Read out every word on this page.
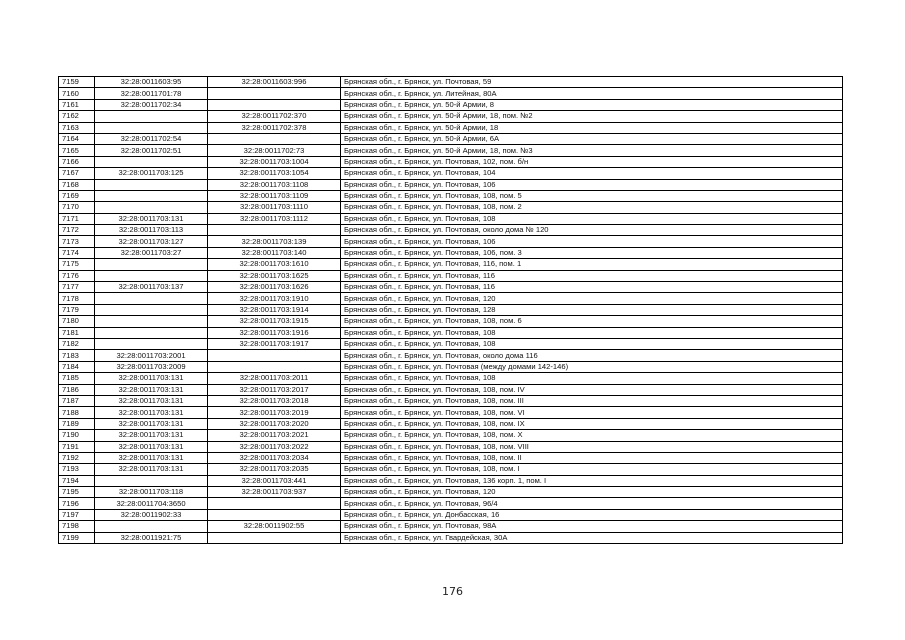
7159	32:28:0011603:95	32:28:0011603:996	Брянская обл., г. Брянск, ул. Почтовая, 59
7160	32:28:0011701:78		Брянская обл., г. Брянск, ул. Литейная, 80А
7161	32:28:0011702:34		Брянская обл., г. Брянск, ул. 50-й Армии, 8
7162		32:28:0011702:370	Брянская обл., г. Брянск, ул. 50-й Армии, 18, пом. №2
7163		32:28:0011702:378	Брянская обл., г. Брянск, ул. 50-й Армии, 18
7164	32:28:0011702:54		Брянская обл., г. Брянск, ул. 50-й Армии, 6А
7165	32:28:0011702:51	32:28:0011702:73	Брянская обл., г. Брянск, ул. 50-й Армии, 18, пом. №3
7166		32:28:0011703:1004	Брянская обл., г. Брянск, ул. Почтовая, 102, пом. б/н
7167	32:28:0011703:125	32:28:0011703:1054	Брянская обл., г. Брянск, ул. Почтовая, 104
7168		32:28:0011703:1108	Брянская обл., г. Брянск, ул. Почтовая, 106
7169		32:28:0011703:1109	Брянская обл., г. Брянск, ул. Почтовая, 108, пом. 5
7170		32:28:0011703:1110	Брянская обл., г. Брянск, ул. Почтовая, 108, пом. 2
7171	32:28:0011703:131	32:28:0011703:1112	Брянская обл., г. Брянск, ул. Почтовая, 108
7172	32:28:0011703:113		Брянская обл., г. Брянск, ул. Почтовая, около дома № 120
7173	32:28:0011703:127	32:28:0011703:139	Брянская обл., г. Брянск, ул. Почтовая, 106
7174	32:28:0011703:27	32:28:0011703:140	Брянская обл., г. Брянск, ул. Почтовая, 106, пом. 3
7175		32:28:0011703:1610	Брянская обл., г. Брянск, ул. Почтовая, 116, пом. 1
7176		32:28:0011703:1625	Брянская обл., г. Брянск, ул. Почтовая, 116
7177	32:28:0011703:137	32:28:0011703:1626	Брянская обл., г. Брянск, ул. Почтовая, 116
7178		32:28:0011703:1910	Брянская обл., г. Брянск, ул. Почтовая, 120
7179		32:28:0011703:1914	Брянская обл., г. Брянск, ул. Почтовая, 128
7180		32:28:0011703:1915	Брянская обл., г. Брянск, ул. Почтовая, 108, пом. 6
7181		32:28:0011703:1916	Брянская обл., г. Брянск, ул. Почтовая, 108
7182		32:28:0011703:1917	Брянская обл., г. Брянск, ул. Почтовая, 108
7183	32:28:0011703:2001		Брянская обл., г. Брянск, ул. Почтовая, около дома 116
7184	32:28:0011703:2009		Брянская обл., г. Брянск, ул. Почтовая (между домами 142-146)
7185	32:28:0011703:131	32:28:0011703:2011	Брянская обл., г. Брянск, ул. Почтовая, 108
7186	32:28:0011703:131	32:28:0011703:2017	Брянская обл., г. Брянск, ул. Почтовая, 108, пом. IV
7187	32:28:0011703:131	32:28:0011703:2018	Брянская обл., г. Брянск, ул. Почтовая, 108, пом. III
7188	32:28:0011703:131	32:28:0011703:2019	Брянская обл., г. Брянск, ул. Почтовая, 108, пом. VI
7189	32:28:0011703:131	32:28:0011703:2020	Брянская обл., г. Брянск, ул. Почтовая, 108, пом. IX
7190	32:28:0011703:131	32:28:0011703:2021	Брянская обл., г. Брянск, ул. Почтовая, 108, пом. X
7191	32:28:0011703:131	32:28:0011703:2022	Брянская обл., г. Брянск, ул. Почтовая, 108, пом. VIII
7192	32:28:0011703:131	32:28:0011703:2034	Брянская обл., г. Брянск, ул. Почтовая, 108, пом. II
7193	32:28:0011703:131	32:28:0011703:2035	Брянская обл., г. Брянск, ул. Почтовая, 108, пом. I
7194		32:28:0011703:441	Брянская обл., г. Брянск, ул. Почтовая, 136 корп. 1, пом. I
7195	32:28:0011703:118	32:28:0011703:937	Брянская обл., г. Брянск, ул. Почтовая, 120
7196	32:28:0011704:3650		Брянская обл., г. Брянск, ул. Почтовая, 96/4
7197	32:28:0011902:33		Брянская обл., г. Брянск, ул. Донбасская, 16
7198		32:28:0011902:55	Брянская обл., г. Брянск, ул. Почтовая, 98А
7199	32:28:0011921:75		Брянская обл., г. Брянск, ул. Гвардейская, 30А
176
